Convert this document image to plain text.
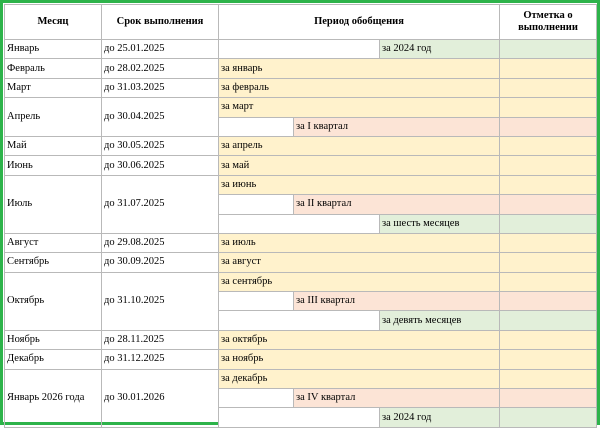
Месяц	Срок выполнения	Период обобщения			Отметка о выполнении
Январь	до 25.01.2025			за 2024 год	
Февраль	до 28.02.2025	за январь			
Март	до 31.03.2025	за февраль			
Апрель	до 30.04.2025	за март			
			за I квартал		
Май	до 30.05.2025	за апрель			
Июнь	до 30.06.2025	за май			
Июль	до 31.07.2025	за июнь			
			за II квартал		
				за шесть месяцев	
Август	до 29.08.2025	за июль			
Сентябрь	до 30.09.2025	за август			
Октябрь	до 31.10.2025	за сентябрь			
			за III квартал		
				за девять месяцев	
Ноябрь	до 28.11.2025	за октябрь			
Декабрь	до 31.12.2025	за ноябрь			
Январь 2026 года	до 30.01.2026	за декабрь			
			за IV квартал		
				за 2024 год	
